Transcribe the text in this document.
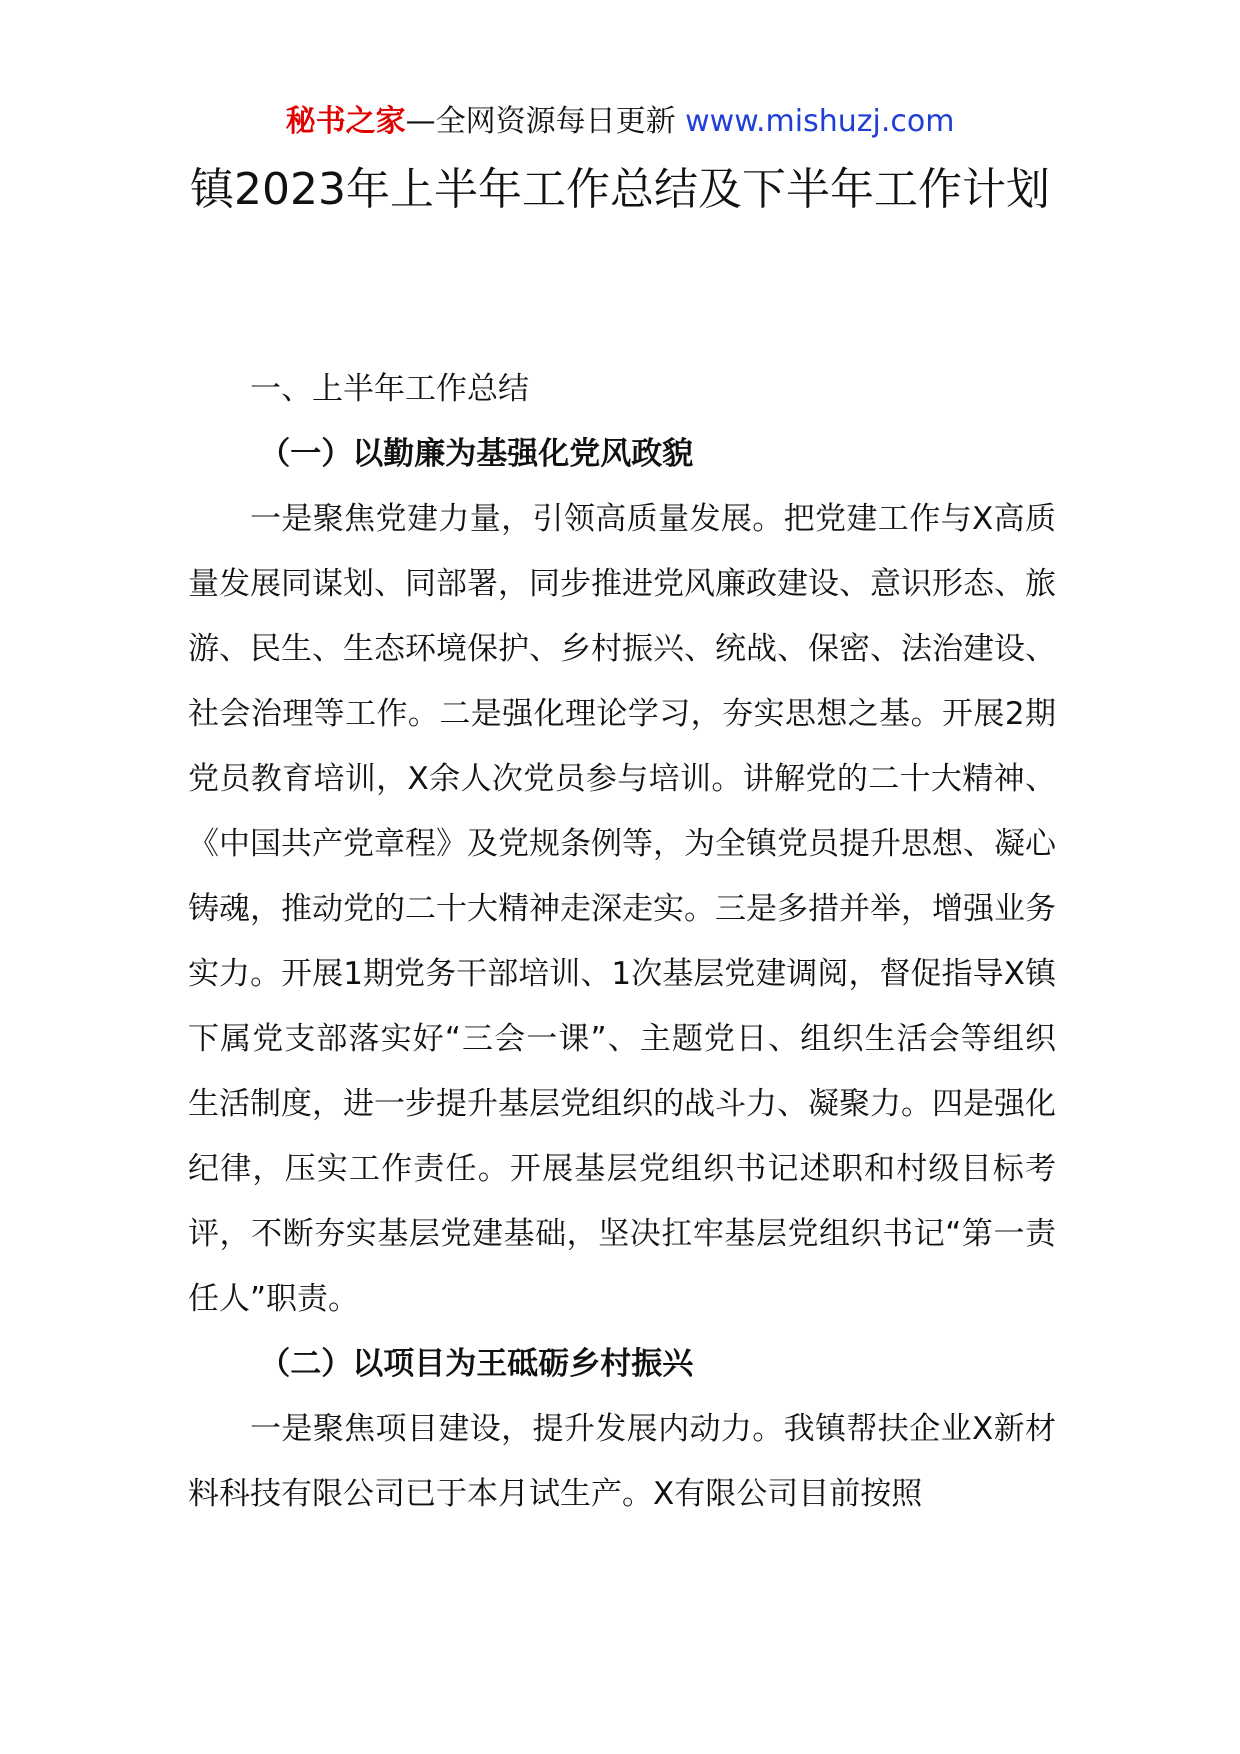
秘书之家—全网资源每日更新 www.mishuzj.com
镇2023年上半年工作总结及下半年工作计划

一、上半年工作总结

（一）以勤廉为基强化党风政貌

一是聚焦党建力量，引领高质量发展。把党建工作与X高质量发展同谋划、同部署，同步推进党风廉政建设、意识形态、旅游、民生、生态环境保护、乡村振兴、统战、保密、法治建设、社会治理等工作。二是强化理论学习，夯实思想之基。开展2期党员教育培训，X余人次党员参与培训。讲解党的二十大精神、《中国共产党章程》及党规条例等，为全镇党员提升思想、凝心铸魂，推动党的二十大精神走深走实。三是多措并举，增强业务实力。开展1期党务干部培训、1次基层党建调阅，督促指导X镇下属党支部落实好“三会一课”、主题党日、组织生活会等组织生活制度，进一步提升基层党组织的战斗力、凝聚力。四是强化纪律，压实工作责任。开展基层党组织书记述职和村级目标考评，不断夯实基层党建基础，坚决扛牢基层党组织书记“第一责任人”职责。

（二）以项目为王砥砺乡村振兴

一是聚焦项目建设，提升发展内动力。我镇帮扶企业X新材料科技有限公司已于本月试生产。X有限公司目前按照
